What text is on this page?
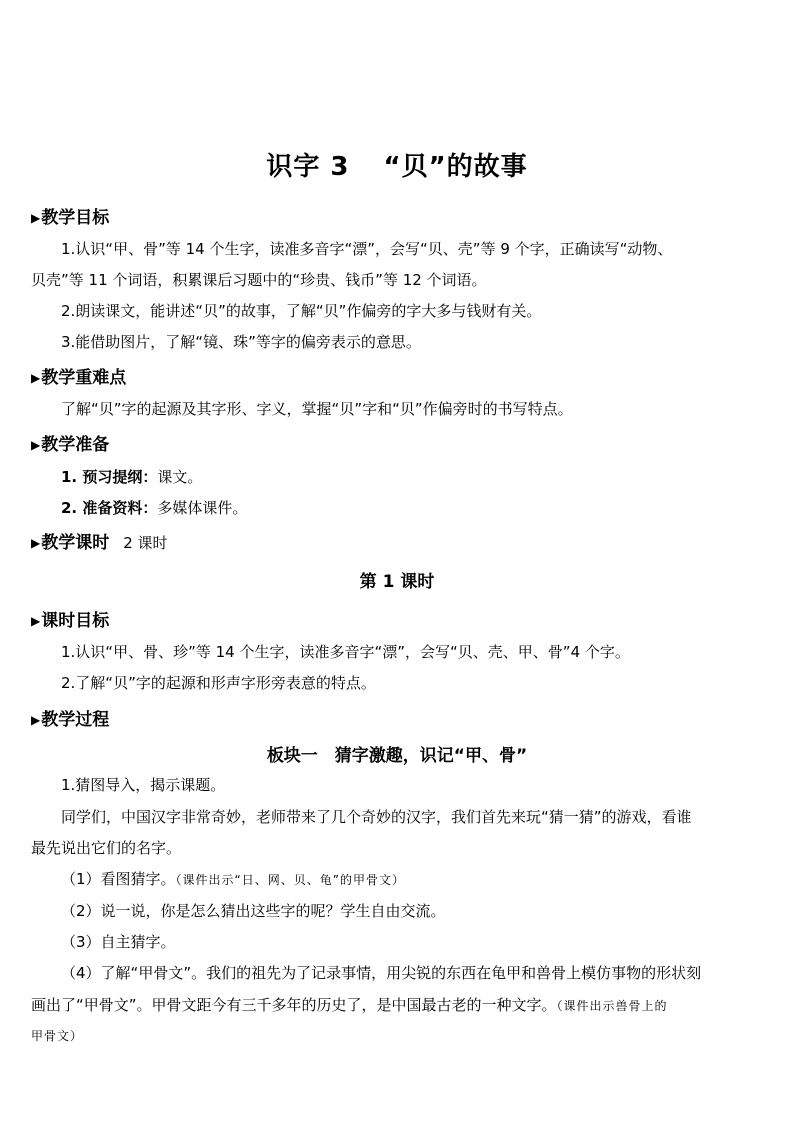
识字 3 “贝”的故事
▶教学目标
1.认识“甲、骨”等 14 个生字，读准多音字“漂”，会写“贝、壳”等 9 个字，正确读写“动物、
贝壳”等 11 个词语，积累课后习题中的“珍贵、钱币”等 12 个词语。
2.朗读课文，能讲述“贝”的故事，了解“贝”作偏旁的字大多与钱财有关。
3.能借助图片，了解“镜、珠”等字的偏旁表示的意思。
▶教学重难点
了解“贝”字的起源及其字形、字义，掌握“贝”字和“贝”作偏旁时的书写特点。
▶教学准备
1. 预习提纲：课文。
2. 准备资料：多媒体课件。
▶教学课时 2 课时
第 1 课时
▶课时目标
1.认识“甲、骨、珍”等 14 个生字，读准多音字“漂”，会写“贝、壳、甲、骨”4 个字。
2.了解“贝”字的起源和形声字形旁表意的特点。
▶教学过程
板块一　猜字激趣，识记“甲、骨”
1.猜图导入，揭示课题。
同学们，中国汉字非常奇妙，老师带来了几个奇妙的汉字，我们首先来玩“猜一猜”的游戏，看谁
最先说出它们的名字。
（1）看图猜字。（课件出示“日、网、贝、龟”的甲骨文）
（2）说一说，你是怎么猜出这些字的呢？学生自由交流。
（3）自主猜字。
（4）了解“甲骨文”。我们的祖先为了记录事情，用尖锐的东西在龟甲和兽骨上模仿事物的形状刻
画出了“甲骨文”。甲骨文距今有三千多年的历史了，是中国最古老的一种文字。（课件出示兽骨上的
甲骨文）
